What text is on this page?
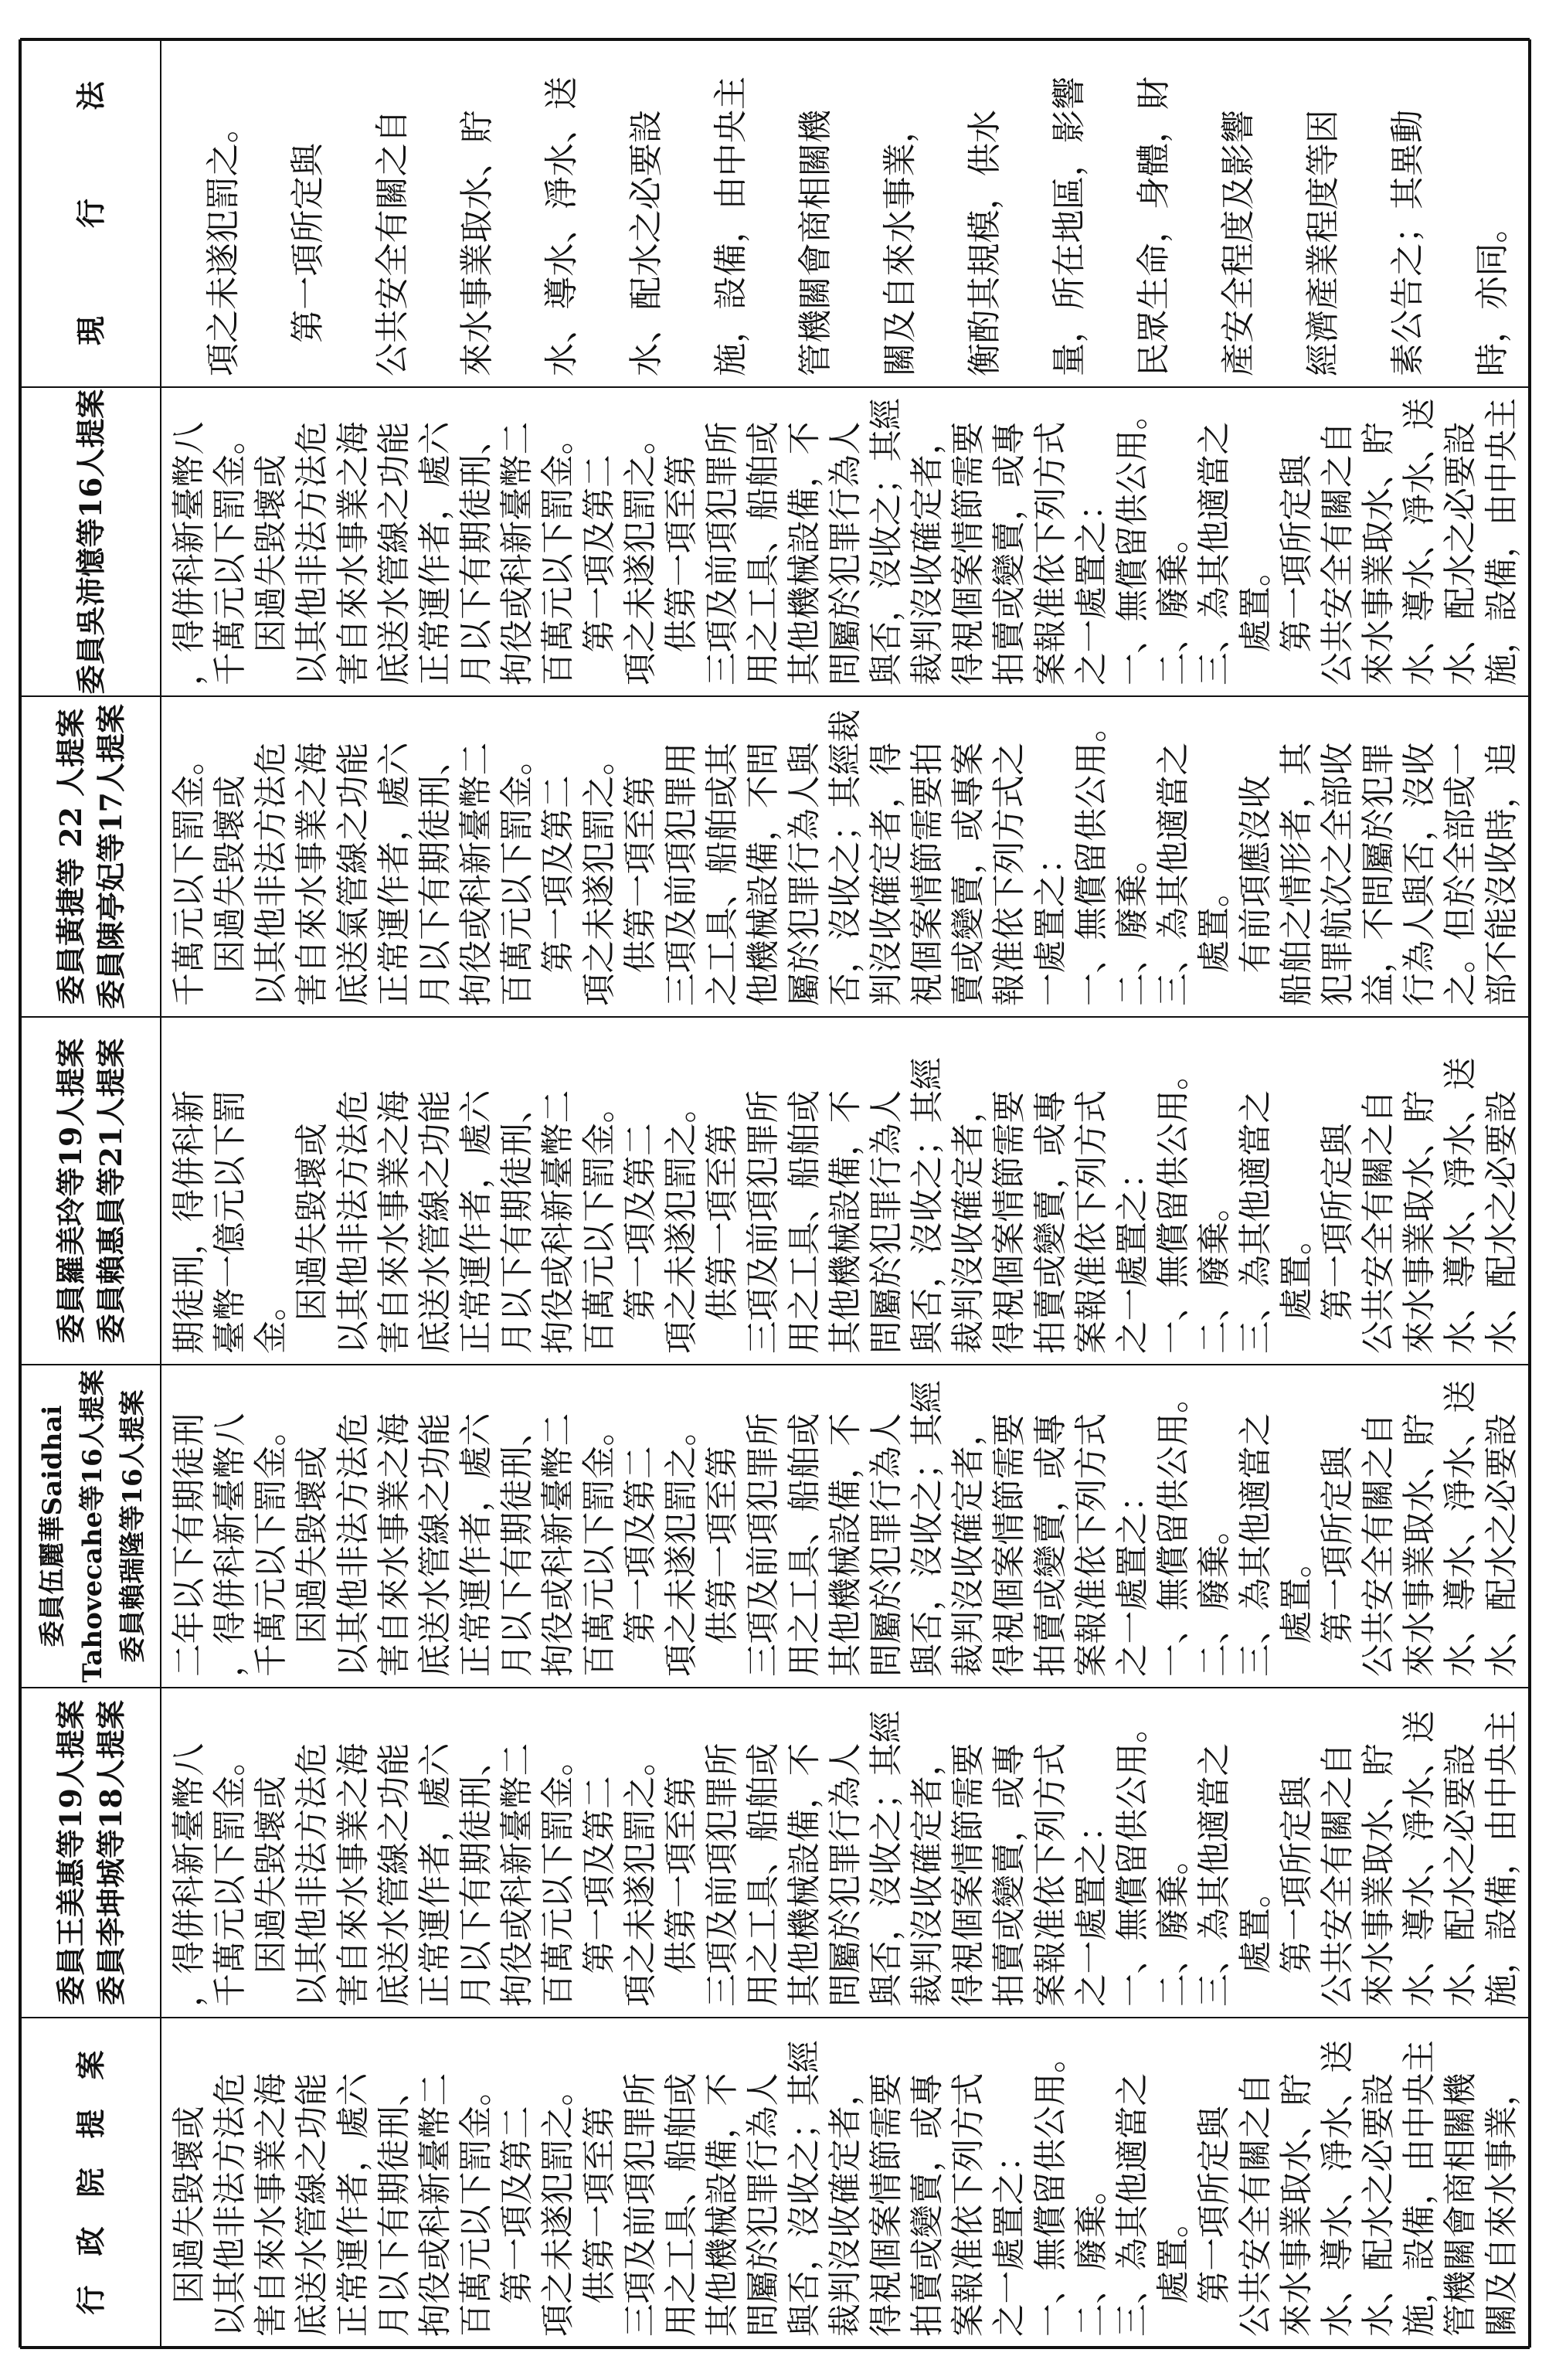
行　政　院　提　案 　因過失毀壞或 以其他非法方法危 害自來水事業之海 底送水管線之功能 正常運作者，處六 月以下有期徒刑、 拘役或科新臺幣二 百萬元以下罰金。 　第一項及第二 項之未遂犯罰之。 　供第一項至第 三項及前項犯罪所 用之工具、船舶或 其他機械設備，不 問屬於犯罪行為人 與否，沒收之；其經 裁判沒收確定者， 得視個案情節需要 拍賣或變賣，或專 案報准依下列方式 之一處置之： 一、無償留供公用。 二、廢棄。 三、為其他適當之 　處置。 　第一項所定與 公共安全有關之自 來水事業取水、貯 水、導水、淨水、送 水、配水之必要設 施，設備，由中央主 管機關會商相關機 關及自來水事業，
委員王美惠等19人提案 委員李坤城等18人提案 ，得併科新臺幣八 千萬元以下罰金。 　因過失毀壞或 以其他非法方法危 害自來水事業之海 底送水管線之功能 正常運作者，處六 月以下有期徒刑、 拘役或科新臺幣二 百萬元以下罰金。 　第一項及第二 項之未遂犯罰之。 　供第一項至第 三項及前項犯罪所 用之工具、船舶或 其他機械設備，不 問屬於犯罪行為人 與否，沒收之；其經 裁判沒收確定者， 得視個案情節需要 拍賣或變賣，或專 案報准依下列方式 之一處置之： 一、無償留供公用。 二、廢棄。 三、為其他適當之 　處置。 　第一項所定與 公共安全有關之自 來水事業取水、貯 水、導水、淨水、送 水、配水之必要設 施，設備，由中央主
委員伍麗華Saidhai Tahovecahe等16人提案 委員賴瑞隆等16人提案 二年以下有期徒刑 ，得併科新臺幣八 千萬元以下罰金。 　因過失毀壞或 以其他非法方法危 害自來水事業之海 底送水管線之功能 正常運作者，處六 月以下有期徒刑、 拘役或科新臺幣二 百萬元以下罰金。 　第一項及第二 項之未遂犯罰之。 　供第一項至第 三項及前項犯罪所 用之工具、船舶或 其他機械設備，不 問屬於犯罪行為人 與否，沒收之；其經 裁判沒收確定者， 得視個案情節需要 拍賣或變賣，或專 案報准依下列方式 之一處置之： 一、無償留供公用。 二、廢棄。 三、為其他適當之 　處置。 　第一項所定與 公共安全有關之自 來水事業取水、貯 水、導水、淨水、送 水、配水之必要設
委員羅美玲等19人提案 委員賴惠員等21人提案 期徒刑，得併科新 臺幣一億元以下罰 金。 　因過失毀壞或 以其他非法方法危 害自來水事業之海 底送水管線之功能 正常運作者，處六 月以下有期徒刑、 拘役或科新臺幣二 百萬元以下罰金。 　第一項及第二 項之未遂犯罰之。 　供第一項至第 三項及前項犯罪所 用之工具、船舶或 其他機械設備，不 問屬於犯罪行為人 與否，沒收之；其經 裁判沒收確定者， 得視個案情節需要 拍賣或變賣，或專 案報准依下列方式 之一處置之： 一、無償留供公用。 二、廢棄。 三、為其他適當之 　處置。 　第一項所定與 公共安全有關之自 來水事業取水、貯 水、導水、淨水、送 水、配水之必要設
委員黃捷等 22 人提案 委員陳亭妃等17人提案 千萬元以下罰金。 　因過失毀壞或 以其他非法方法危 害自來水事業之海 底送氣管線之功能 正常運作者，處六 月以下有期徒刑、 拘役或科新臺幣二 百萬元以下罰金。 　第一項及第二 項之未遂犯罰之。 　供第一項至第 三項及前項犯罪用 之工具、船舶或其 他機械設備，不問 屬於犯罪行為人與 否，沒收之；其經裁 判沒收確定者，得 視個案情節需要拍 賣或變賣，或專案 報准依下列方式之 一處置之： 一、無償留供公用。 二、廢棄。 三、為其他適當之 　處置。 　有前項應沒收 船舶之情形者，其 犯罪航次之全部收 益，不問屬於犯罪 行為人與否，沒收 之。但於全部或一 部不能沒收時，追
委員吳沛憶等16人提案 ，得併科新臺幣八 千萬元以下罰金。 　因過失毀壞或 以其他非法方法危 害自來水事業之海 底送水管線之功能 正常運作者，處六 月以下有期徒刑、 拘役或科新臺幣二 百萬元以下罰金。 　第一項及第二 項之未遂犯罰之。 　供第一項至第 三項及前項犯罪所 用之工具、船舶或 其他機械設備，不 問屬於犯罪行為人 與否，沒收之；其經 裁判沒收確定者， 得視個案情節需要 拍賣或變賣，或專 案報准依下列方式 之一處置之： 一、無償留供公用。 二、廢棄。 三、為其他適當之 　處置。 　第一項所定與 公共安全有關之自 來水事業取水、貯 水、導水、淨水、送 水、配水之必要設 施，設備，由中央主
現　　　行　　　法	項之未遂犯罰之。 　第一項所定與 公共安全有關之自 來水事業取水、貯 水、導水、淨水、送 水、配水之必要設 施，設備，由中央主 管機關會商相關機 關及自來水事業， 衡酌其規模，供水 量，所在地區，影響 民眾生命，身體，財 產安全程度及影響 經濟產業程度等因 素公告之；其異動 時，亦同。
